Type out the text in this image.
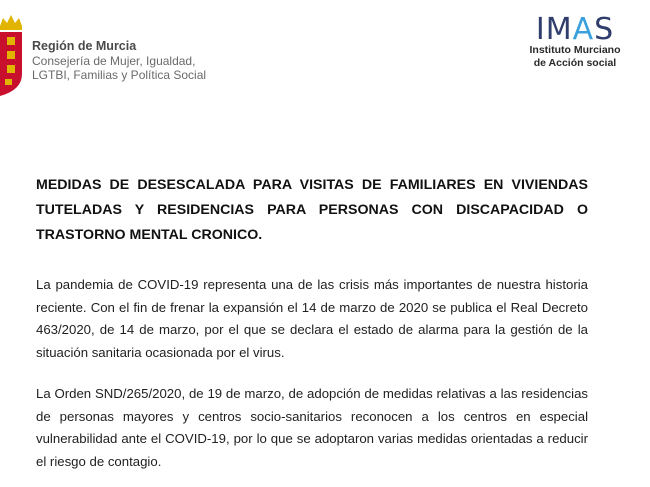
Región de Murcia
Consejería de Mujer, Igualdad,
LGTBI, Familias y Política Social
IMAS
Instituto Murciano
de Acción social

MEDIDAS DE DESESCALADA PARA VISITAS DE FAMILIARES EN VIVIENDAS TUTELADAS Y RESIDENCIAS PARA PERSONAS CON DISCAPACIDAD O TRASTORNO MENTAL CRONICO.

La pandemia de COVID-19 representa una de las crisis más importantes de nuestra historia reciente. Con el fin de frenar la expansión el 14 de marzo de 2020 se publica el Real Decreto 463/2020, de 14 de marzo, por el que se declara el estado de alarma para la gestión de la situación sanitaria ocasionada por el virus.

La Orden SND/265/2020, de 19 de marzo, de adopción de medidas relativas a las residencias de personas mayores y centros socio-sanitarios reconocen a los centros en especial vulnerabilidad ante el COVID-19, por lo que se adoptaron varias medidas orientadas a reducir el riesgo de contagio.
